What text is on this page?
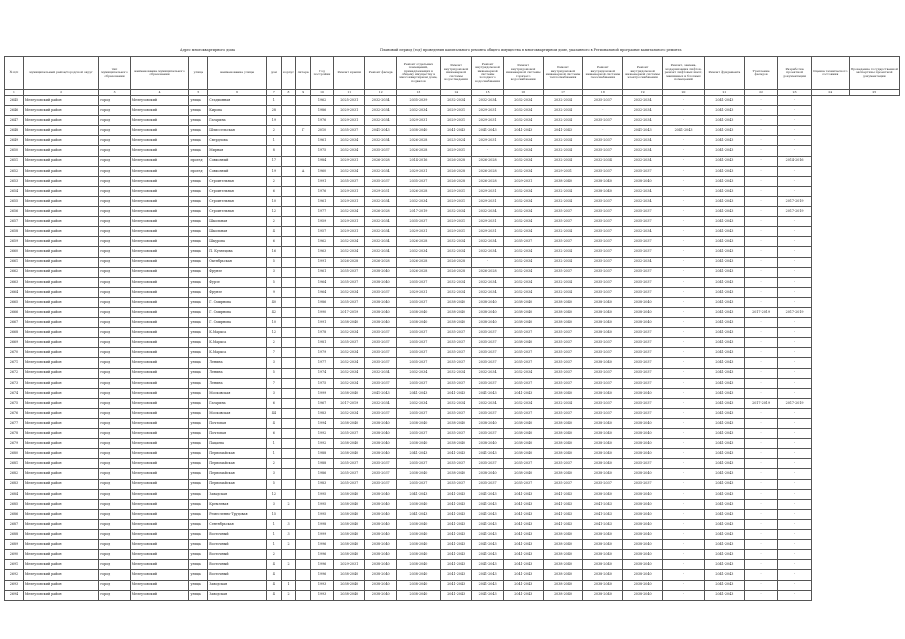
Адрес многоквартирного дома	Плановый период (год) проведения капитального ремонта общего имущества в многоквартирном доме, указанного в Региональной программе капитального ремонта
№ п/п	муниципальный район/городской округ	тип муниципального образования	наименование муниципального образования	улица	наименование улицы	дом	корпус	литера	Год постройки	Ремонт крыши	Ремонт фасада	Ремонт отдельных помещений, принадлежащих к общему имуществу в многоквартирном доме, подвалов	Ремонт внутридомовой инженерной системы водоотведения	Ремонт внутридомовой инженерной системы холодного водоснабжения	Ремонт внутридомовой инженерной системы горячего водоснабжения	Ремонт внутридомовой инженерной системы теплоснабжения	Ремонт внутридомовой инженерной системы газоснабжения	Ремонт внутридомовой инженерной системы электроснабжения	Ремонт, замена, модернизация лифтов, ремонт лифтовых шахт, машинных и блочных помещений	Ремонт фундамента	Утепление фасадов	Разработка проектной документации	Оценка технического состояния	Проведение государственной экспертизы проектной документации
1	2	3	4	5	6	7	8	9	10	11	12	13	14	15	16	17	18	19	20	21	22	23	24	25
2645	Мелеузовский район	город	Мелеузовский	улица	Стадионная	1			1962	2025-2031	2032-2034	2035-2039	2032-2034	2032-2034	2032-2034	2032-2034	2035-2037	2032-2034	-	2041-2043	-	-		
2646	Мелеузовский район	город	Мелеузовский	улица	Кирова	28			1986	2029-2031	2032-2034	2032-2034	2029-2031	2029-2031	2032-2034	2032-2034	-	2032-2034	-	2041-2043	-	-		
2647	Мелеузовский район	город	Мелеузовский	улица	Гагарина	19			1976	2029-2031	2032-2034	2029-2031	2029-2031	2029-2031	2032-2034	2032-2034	2035-2037	2032-2034	-	2041-2043	-	-		
2648	Мелеузовский район	город	Мелеузовский	улица	Шлиссельская	2		Г	2010	2035-2037	2041-2043	2038-2040	2041-2043	2041-2043	2041-2043	2041-2043	-	2041-2043	2041-2043	2041-2043	-	-		
2649	Мелеузовский район	город	Мелеузовский	улица	Свердлова	1			1961	2032-2034	2032-2034	2026-2028	2023-2024	2029-2031	2032-2034	2032-2034	2035-2037	2032-2034	-	2041-2043	-	-		
2650	Мелеузовский район	город	Мелеузовский	улица	Мирная	8			1975	2032-2034	2035-2037	2026-2028	2029-2031	-	2032-2034	2032-2034	2035-2037	2032-2034	-	2041-2043	-	-		
2651	Мелеузовский район	город	Мелеузовский	проезд	Совхозный	17			1984	2029-2031	2026-2028	2014-2016	2026-2028	2026-2028	2032-2034	2032-2034	2032-2034	2032-2034	-	2041-2043	-	2014-2016		
2652	Мелеузовский район	город	Мелеузовский	проезд	Совхозный	19		А	1960	2032-2034	2032-2034	2029-2031	2026-2028	2026-2028	2032-2034	2029-2031	2035-2037	2035-2037	-	2041-2043	-	-		
2653	Мелеузовский район	город	Мелеузовский	улица	Строительная	2			1991	2035-2037	2035-2037	2035-2037	2026-2028	2026-2028	2029-2031	2038-2040	2038-2040	2038-2040	-	2041-2043	-	-		
2654	Мелеузовский район	город	Мелеузовский	улица	Строительная	6			1976	2029-2031	2029-2031	2026-2028	2029-2031	2029-2031	2032-2034	2032-2034	2038-2040	2032-2034	-	2041-2043	-	-		
2655	Мелеузовский район	город	Мелеузовский	улица	Строительная	10			1961	2029-2031	2032-2034	2032-2034	2029-2031	2029-2031	2032-2034	2032-2034	2035-2037	2032-2034	-	2041-2043	-	2017-2019		
2656	Мелеузовский район	город	Мелеузовский	улица	Строительная	12			1977	2032-2034	2026-2028	2017-2019	2032-2034	2032-2034	2032-2034	2035-2037	2035-2037	2035-2037	-	2041-2043	-	2017-2019		
2657	Мелеузовский район	город	Мелеузовский	улица	Школьная	2			1959	2029-2031	2032-2034	2035-2037	2029-2031	2029-2031	2032-2034	2035-2037	2035-2037	2035-2037	-	2041-2043	-	-		
2658	Мелеузовский район	город	Мелеузовский	улица	Школьная	4			1957	2029-2031	2032-2034	2029-2031	2029-2031	2029-2031	2032-2034	2032-2034	2035-2037	2032-2034	-	2041-2043	-	-		
2659	Мелеузовский район	город	Мелеузовский	улица	Шкурова	6			1962	2032-2034	2032-2034	2026-2028	2032-2034	2032-2034	2035-2037	2035-2037	2035-2037	2035-2037	-	2041-2043	-	-		
2660	Мелеузовский район	город	Мелеузовский	улица	П. Кузнецова	16			1963	2032-2034	2032-2034	2032-2034	2032-2034	2032-2034	2032-2034	2032-2034	2035-2037	2035-2037	-	2041-2043	-	-		
2661	Мелеузовский район	город	Мелеузовский	улица	Октябрьская	5			1991	2026-2028	2026-2028	2026-2028	2026-2028	-	2032-2034	2032-2034	2035-2037	2032-2034	-	2041-2043	-	-		
2662	Мелеузовский район	город	Мелеузовский	улица	Фрунзе	3			1961	2035-2037	2038-2040	2026-2028	2026-2028	2026-2028	2032-2034	2035-2037	2035-2037	2035-2037	-	2041-2043	-	-		
2663	Мелеузовский район	город	Мелеузовский	улица	Фурзе	5			1964	2035-2037	2038-2040	2035-2037	2032-2034	2032-2034	2032-2034	2032-2034	2035-2037	2035-2037	-	2041-2043	-	-		
2664	Мелеузовский район	город	Мелеузовский	улица	Фрунзе	9			1964	2032-2034	2035-2037	2029-2031	2032-2034	2032-2034	2032-2034	2032-2034	2035-2037	2035-2037	-	2041-2043	-	-		
2665	Мелеузовский район	город	Мелеузовский	улица	Г. Смирнова	40			1986	2035-2037	2038-2040	2035-2037	2038-2040	2038-2040	2038-2040	2038-2040	2038-2040	2038-2040	-	2041-2043	-	-		
2666	Мелеузовский район	город	Мелеузовский	улица	Г. Смирнова	42			1990	2017-2019	2038-2040	2038-2040	2038-2040	2038-2040	2038-2040	2038-2040	2038-2040	2038-2040	-	2041-2043	2017-2019	2017-2019		
2667	Мелеузовский район	город	Мелеузовский	улица	Г. Смирнова	10			1991	2038-2040	2038-2040	2038-2040	2038-2040	2038-2040	2038-2040	2038-2040	2038-2040	2038-2040	-	2041-2043	-	-		
2668	Мелеузовский район	город	Мелеузовский	улица	К.Маркса	12			1978	2032-2034	2035-2037	2035-2037	2035-2037	2035-2037	2035-2037	2035-2037	2038-2040	2035-2037	-	2041-2043	-	-		
2669	Мелеузовский район	город	Мелеузовский	улица	К.Маркса	2			1981	2035-2037	2035-2037	2035-2037	2035-2037	2035-2037	2038-2040	2035-2037	2035-2037	2035-2037	-	2041-2043	-	-		
2670	Мелеузовский район	город	Мелеузовский	улица	К.Маркса	7			1979	2032-2034	2035-2037	2035-2037	2035-2037	2035-2037	2035-2037	2035-2037	2035-2037	2035-2037	-	2041-2043	-	-		
2671	Мелеузовский район	город	Мелеузовский	улица	Ленина	3			1977	2032-2034	2035-2037	2035-2037	2035-2037	2035-2037	2035-2037	2035-2037	2038-2040	2035-2037	-	2041-2043	-	-		
2672	Мелеузовский район	город	Мелеузовский	улица	Ленина	5			1974	2032-2034	2032-2034	2032-2034	2032-2034	2032-2034	2032-2034	2035-2037	2035-2037	2035-2037	-	2041-2043	-	-		
2673	Мелеузовский район	город	Мелеузовский	улица	Ленина	7			1975	2032-2034	2035-2037	2035-2037	2035-2037	2035-2037	2035-2037	2035-2037	2035-2037	2035-2037	-	2041-2043	-	-		
2674	Мелеузовский район	город	Мелеузовский	улица	Московская	3			1999	2038-2040	2041-2043	2041-2043	2041-2043	2041-2043	2041-2043	2038-2040	2038-2040	2038-2040	-	2041-2043	-	-		
2675	Мелеузовский район	город	Мелеузовский	улица	Гагарина	6			1967	2017-2019	2032-2034	2032-2034	2032-2034	2032-2034	2032-2034	2032-2034	2035-2037	2035-2037	-	2041-2043	2017-2019	2017-2019		
2676	Мелеузовский район	город	Мелеузовский	улица	Московская	44			1983	2032-2034	2035-2037	2035-2037	2035-2037	2035-2037	2035-2037	2035-2037	2035-2037	2035-2037	-	2041-2043	-	-		
2677	Мелеузовский район	город	Мелеузовский	улица	Почтовая	4			1994	2038-2040	2038-2040	2038-2040	2038-2040	2038-2040	2038-2040	2038-2040	2038-2040	2038-2040	-	2041-2043	-	-		
2678	Мелеузовский район	город	Мелеузовский	улица	Почтовая	6			1992	2035-2037	2038-2040	2035-2037	2035-2037	2035-2037	2038-2040	2038-2040	2038-2040	2038-2040	-	2041-2043	-	-		
2679	Мелеузовский район	город	Мелеузовский	улица	Пацаева	1			1992	2038-2040	2038-2040	2038-2040	2038-2040	2038-2040	2038-2040	2038-2040	2038-2040	2038-2040	-	2041-2043	-	-		
2680	Мелеузовский район	город	Мелеузовский	улица	Первомайская	1			1988	2038-2040	2038-2040	2041-2043	2041-2043	2041-2043	2038-2040	2038-2040	2038-2040	2038-2040	-	2041-2043	-	-		
2681	Мелеузовский район	город	Мелеузовский	улица	Первомайская	2			1988	2035-2037	2035-2037	2035-2037	2035-2037	2035-2037	2035-2037	2035-2037	2038-2040	2035-2037	-	2041-2043	-	-		
2682	Мелеузовский район	город	Мелеузовский	улица	Первомайская	3			1986	2035-2037	2035-2037	2038-2040	2038-2040	2038-2040	2038-2040	2038-2040	2038-2040	2038-2040	-	2041-2043	-	-		
2683	Мелеузовский район	город	Мелеузовский	улица	Первомайская	5			1983	2035-2037	2035-2037	2035-2037	2035-2037	2035-2037	2035-2037	2035-2037	2035-2037	2035-2037	-	2041-2043	-	-		
2684	Мелеузовский район	город	Мелеузовский	улица	Завадская	12			1995	2038-2040	2038-2040	2041-2043	2041-2043	2041-2043	2041-2043	2041-2043	2038-2040	2038-2040	-	2041-2043	-	-		
2685	Мелеузовский район	город	Мелеузовский	улица	Кремлевая	3	2		1995	2038-2040	2038-2040	2038-2040	2041-2043	2041-2043	2041-2043	2041-2043	2041-2043	2038-2040	-	2041-2043	-	-		
2686	Мелеузовский район	город	Мелеузовский	улица	Ремесленно-Трудовая	15			1995	2038-2040	2038-2040	2041-2043	2041-2043	2041-2043	2041-2043	2041-2043	2041-2043	2038-2040	-	2041-2043	-	-		
2687	Мелеузовский район	город	Мелеузовский	улица	Сентябрьская	1	3		1998	2038-2040	2038-2040	2038-2040	2041-2043	2041-2043	2041-2043	2041-2043	2041-2043	2038-2040	-	2041-2043	-	-		
2688	Мелеузовский район	город	Мелеузовский	улица	Восточный	1	3		1999	2038-2040	2038-2040	2038-2040	2041-2043	2041-2043	2041-2043	2038-2040	2038-2040	2038-2040	-	2041-2043	-	-		
2689	Мелеузовский район	город	Мелеузовский	улица	Восточный	1	2		1996	2038-2040	2038-2040	2038-2040	2041-2043	2041-2043	2041-2043	2038-2040	2038-2040	2038-2040	-	2041-2043	-	-		
2690	Мелеузовский район	город	Мелеузовский	улица	Восточный	2			1996	2038-2040	2038-2040	2038-2040	2041-2043	2041-2043	2041-2043	2038-2040	2038-2040	2038-2040	-	2041-2043	-	-		
2691	Мелеузовский район	город	Мелеузовский	улица	Восточный	4	2		1996	2029-2031	2038-2040	2038-2040	2041-2043	2041-2043	2041-2043	2038-2040	2038-2040	2038-2040	-	2041-2043	-	-		
2692	Мелеузовский район	город	Мелеузовский	улица	Восточный	4			1996	2038-2040	2038-2040	2038-2040	2041-2043	2041-2043	2041-2043	2038-2040	2038-2040	2038-2040	-	2041-2043	-	-		
2693	Мелеузовский район	город	Мелеузовский	улица	Заводская	4	1		1993	2038-2040	2038-2040	2038-2040	2041-2043	2041-2043	2041-2043	2038-2040	2038-2040	2038-2040	-	2041-2043	-	-		
2694	Мелеузовский район	город	Мелеузовский	улица	Заводская	4	2		1993	2038-2040	2038-2040	2038-2040	2041-2043	2041-2043	2041-2043	2038-2040	2038-2040	2038-2040	-	2041-2043	-	-		
